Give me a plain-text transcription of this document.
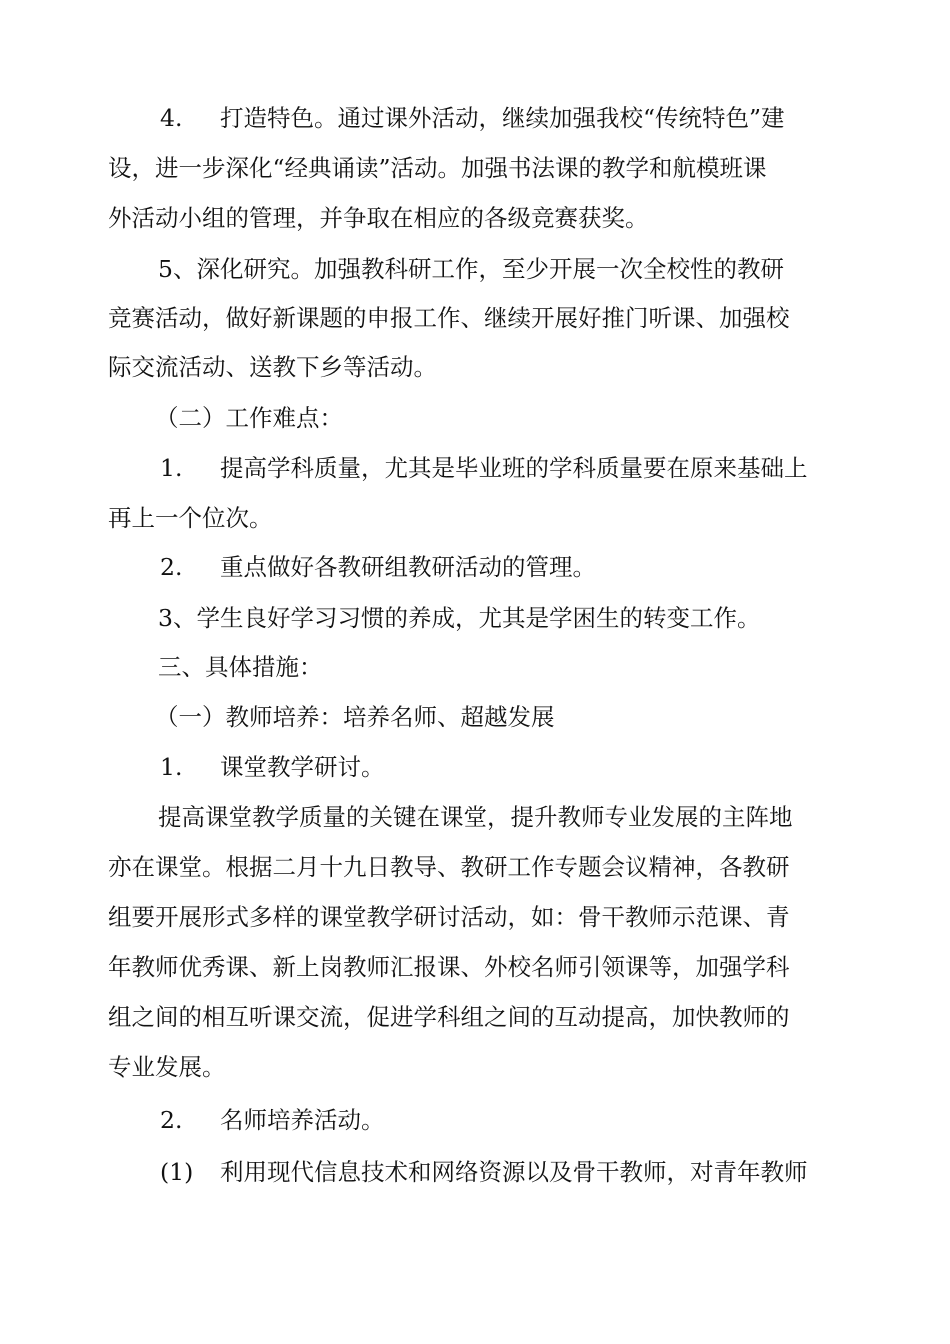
4. 打造特色。通过课外活动，继续加强我校“传统特色”建
设，进一步深化“经典诵读”活动。加强书法课的教学和航模班课
外活动小组的管理，并争取在相应的各级竞赛获奖。
5、深化研究。加强教科研工作，至少开展一次全校性的教研
竞赛活动，做好新课题的申报工作、继续开展好推门听课、加强校
际交流活动、送教下乡等活动。
（二）工作难点：
1. 提高学科质量，尤其是毕业班的学科质量要在原来基础上
再上一个位次。
2. 重点做好各教研组教研活动的管理。
3、学生良好学习习惯的养成，尤其是学困生的转变工作。
三、具体措施：
（一）教师培养：培养名师、超越发展
1. 课堂教学研讨。
提高课堂教学质量的关键在课堂，提升教师专业发展的主阵地
亦在课堂。根据二月十九日教导、教研工作专题会议精神，各教研
组要开展形式多样的课堂教学研讨活动，如：骨干教师示范课、青
年教师优秀课、新上岗教师汇报课、外校名师引领课等，加强学科
组之间的相互听课交流，促进学科组之间的互动提高，加快教师的
专业发展。
2. 名师培养活动。
(1) 利用现代信息技术和网络资源以及骨干教师，对青年教师
